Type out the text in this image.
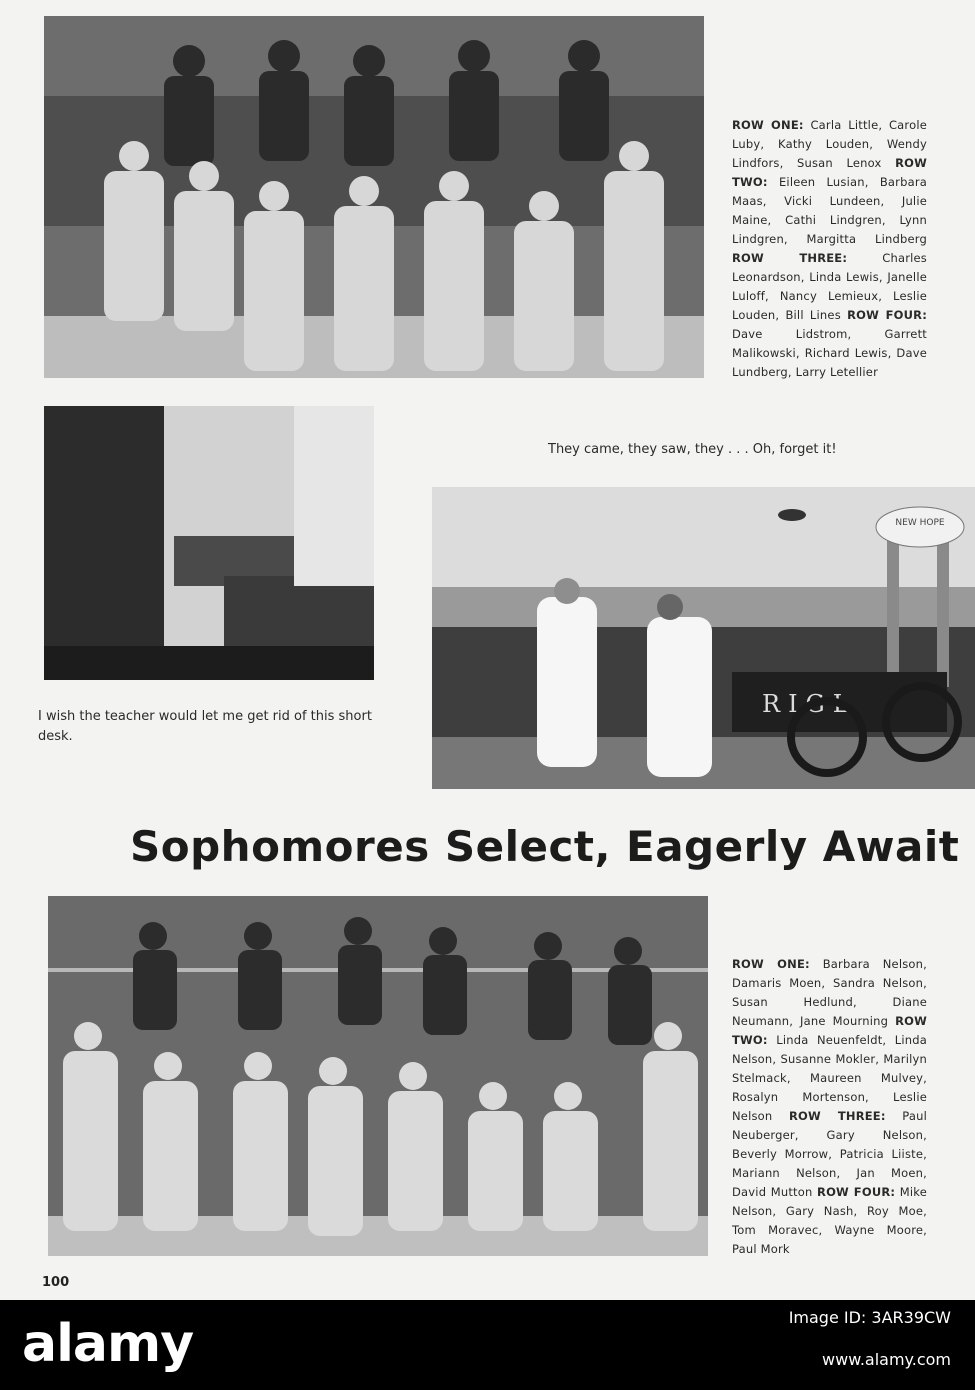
ROW ONE: Carla Little, Carole Luby, Kathy Louden, Wendy Lindfors, Susan Lenox ROW TWO: Eileen Lusian, Barbara Maas, Vicki Lundeen, Julie Maine, Cathi Lindgren, Lynn Lindgren, Margitta Lindberg ROW THREE:	Charles Leonardson, Linda Lewis, Janelle Luloff, Nancy Lemieux, Leslie Louden, Bill Lines ROW FOUR: Dave Lidstrom, Garrett Malikowski, Richard Lewis, Dave Lundberg, Larry Letellier
I wish the teacher would let me get rid of this short desk.
They came, they saw, they . . . Oh, forget it!
NEW HOPE
RIGL
Sophomores Select, Eagerly Await
ROW ONE: Barbara Nelson, Damaris Moen, Sandra Nelson, Susan Hedlund, Diane Neumann, Jane Mourning ROW TWO: Linda Neuenfeldt, Linda Nelson, Susanne Mokler, Marilyn Stelmack, Maureen Mulvey, Rosalyn Mortenson, Leslie Nelson ROW THREE: Paul Neuberger, Gary Nelson, Beverly Morrow, Patricia Liiste, Mariann Nelson, Jan Moen, David Mutton ROW FOUR: Mike Nelson, Gary Nash, Roy Moe, Tom Moravec, Wayne Moore, Paul Mork
100
alamy	Image ID: 3AR39CW
www.alamy.com
